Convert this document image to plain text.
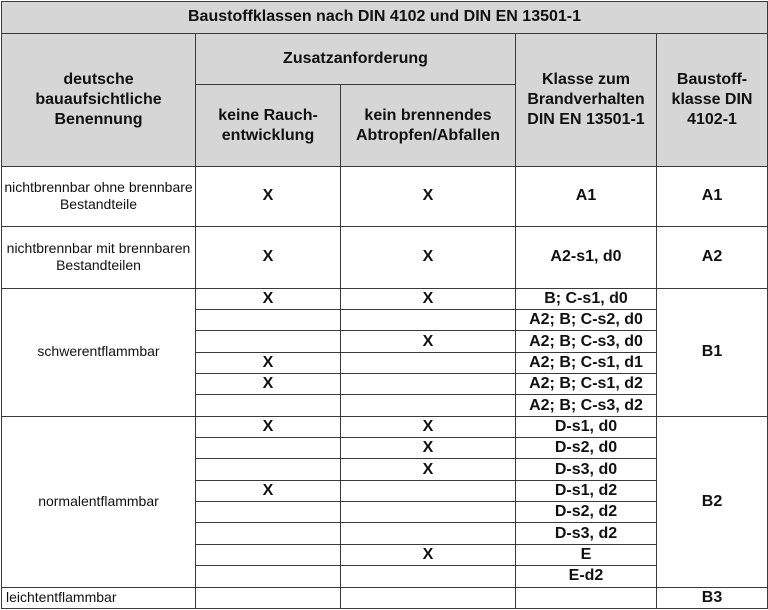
Baustoffklassen nach DIN 4102 und DIN EN 13501-1				
deutsche bauaufsichtliche Benennung	Zusatzanforderung		Klasse zum Brandverhalten DIN EN 13501-1	Baustoff-klasse DIN 4102-1
	keine Rauch-entwicklung	kein brennendes Abtropfen/Abfallen		
nichtbrennbar ohne brennbare Bestandteile	X	X	A1	A1
nichtbrennbar mit brennbaren Bestandteilen	X	X	A2-s1, d0	A2
schwerentflammbar	X	X	B; C-s1, d0	B1
			A2; B; C-s2, d0	
		X	A2; B; C-s3, d0	
	X		A2; B; C-s1, d1	
	X		A2; B; C-s1, d2	
			A2; B; C-s3, d2	
normalentflammbar	X	X	D-s1, d0	B2
		X	D-s2, d0	
		X	D-s3, d0	
	X		D-s1, d2	
			D-s2, d2	
			D-s3, d2	
		X	E	
			E-d2	
leichtentflammbar				B3
